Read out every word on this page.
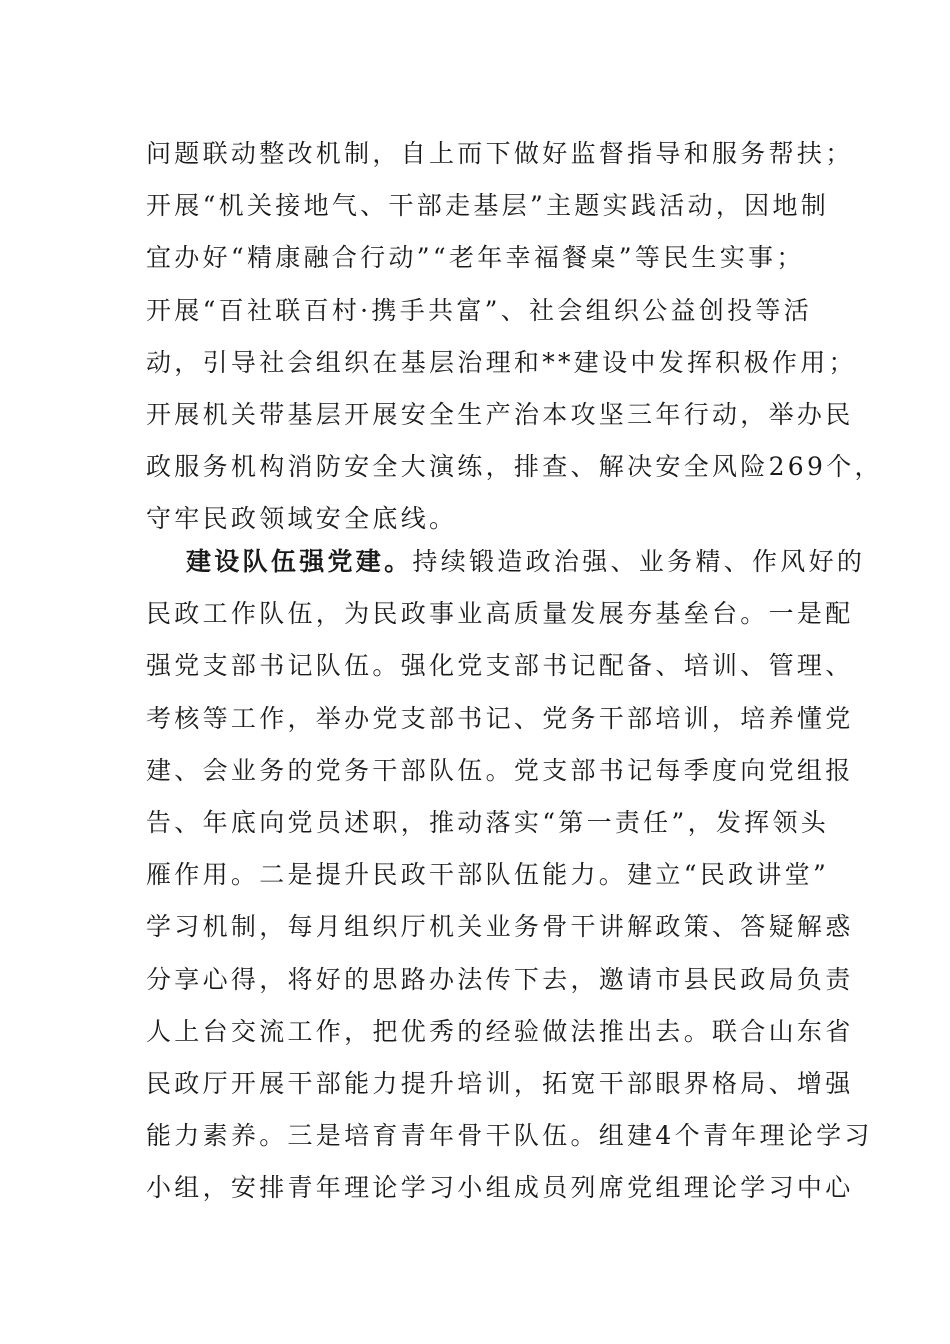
问题联动整改机制，自上而下做好监督指导和服务帮扶；
开展“机关接地气、干部走基层”主题实践活动，因地制
宜办好“精康融合行动”“老年幸福餐桌”等民生实事；
开展“百社联百村·携手共富”、社会组织公益创投等活
动，引导社会组织在基层治理和**建设中发挥积极作用；
开展机关带基层开展安全生产治本攻坚三年行动，举办民
政服务机构消防安全大演练，排查、解决安全风险269个，
守牢民政领域安全底线。
建设队伍强党建。持续锻造政治强、业务精、作风好的
民政工作队伍，为民政事业高质量发展夯基垒台。一是配
强党支部书记队伍。强化党支部书记配备、培训、管理、
考核等工作，举办党支部书记、党务干部培训，培养懂党
建、会业务的党务干部队伍。党支部书记每季度向党组报
告、年底向党员述职，推动落实“第一责任”，发挥领头
雁作用。二是提升民政干部队伍能力。建立“民政讲堂”
学习机制，每月组织厅机关业务骨干讲解政策、答疑解惑
分享心得，将好的思路办法传下去，邀请市县民政局负责
人上台交流工作，把优秀的经验做法推出去。联合山东省
民政厅开展干部能力提升培训，拓宽干部眼界格局、增强
能力素养。三是培育青年骨干队伍。组建4个青年理论学习
小组，安排青年理论学习小组成员列席党组理论学习中心
